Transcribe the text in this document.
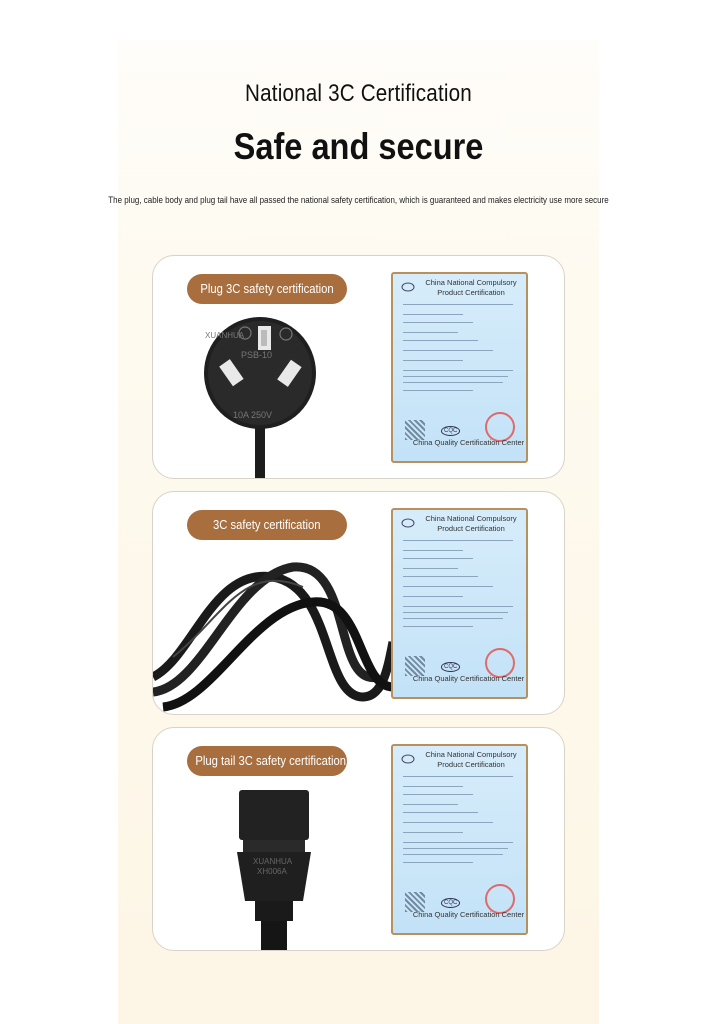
National 3C Certification
Safe and secure
The plug, cable body and plug tail have all passed the national safety certification, which is guaranteed and makes electricity use more secure
Plug 3C safety certification
XUANHUA
PSB-10
10A 250V
China National Compulsory Product Certification
CQC
China Quality Certification Center
3C safety certification	China National Compulsory Product Certification
CQC
China Quality Certification Center
Plug tail 3C safety certification
XUANHUA
XH006A
China National Compulsory Product Certification
CQC
China Quality Certification Center
